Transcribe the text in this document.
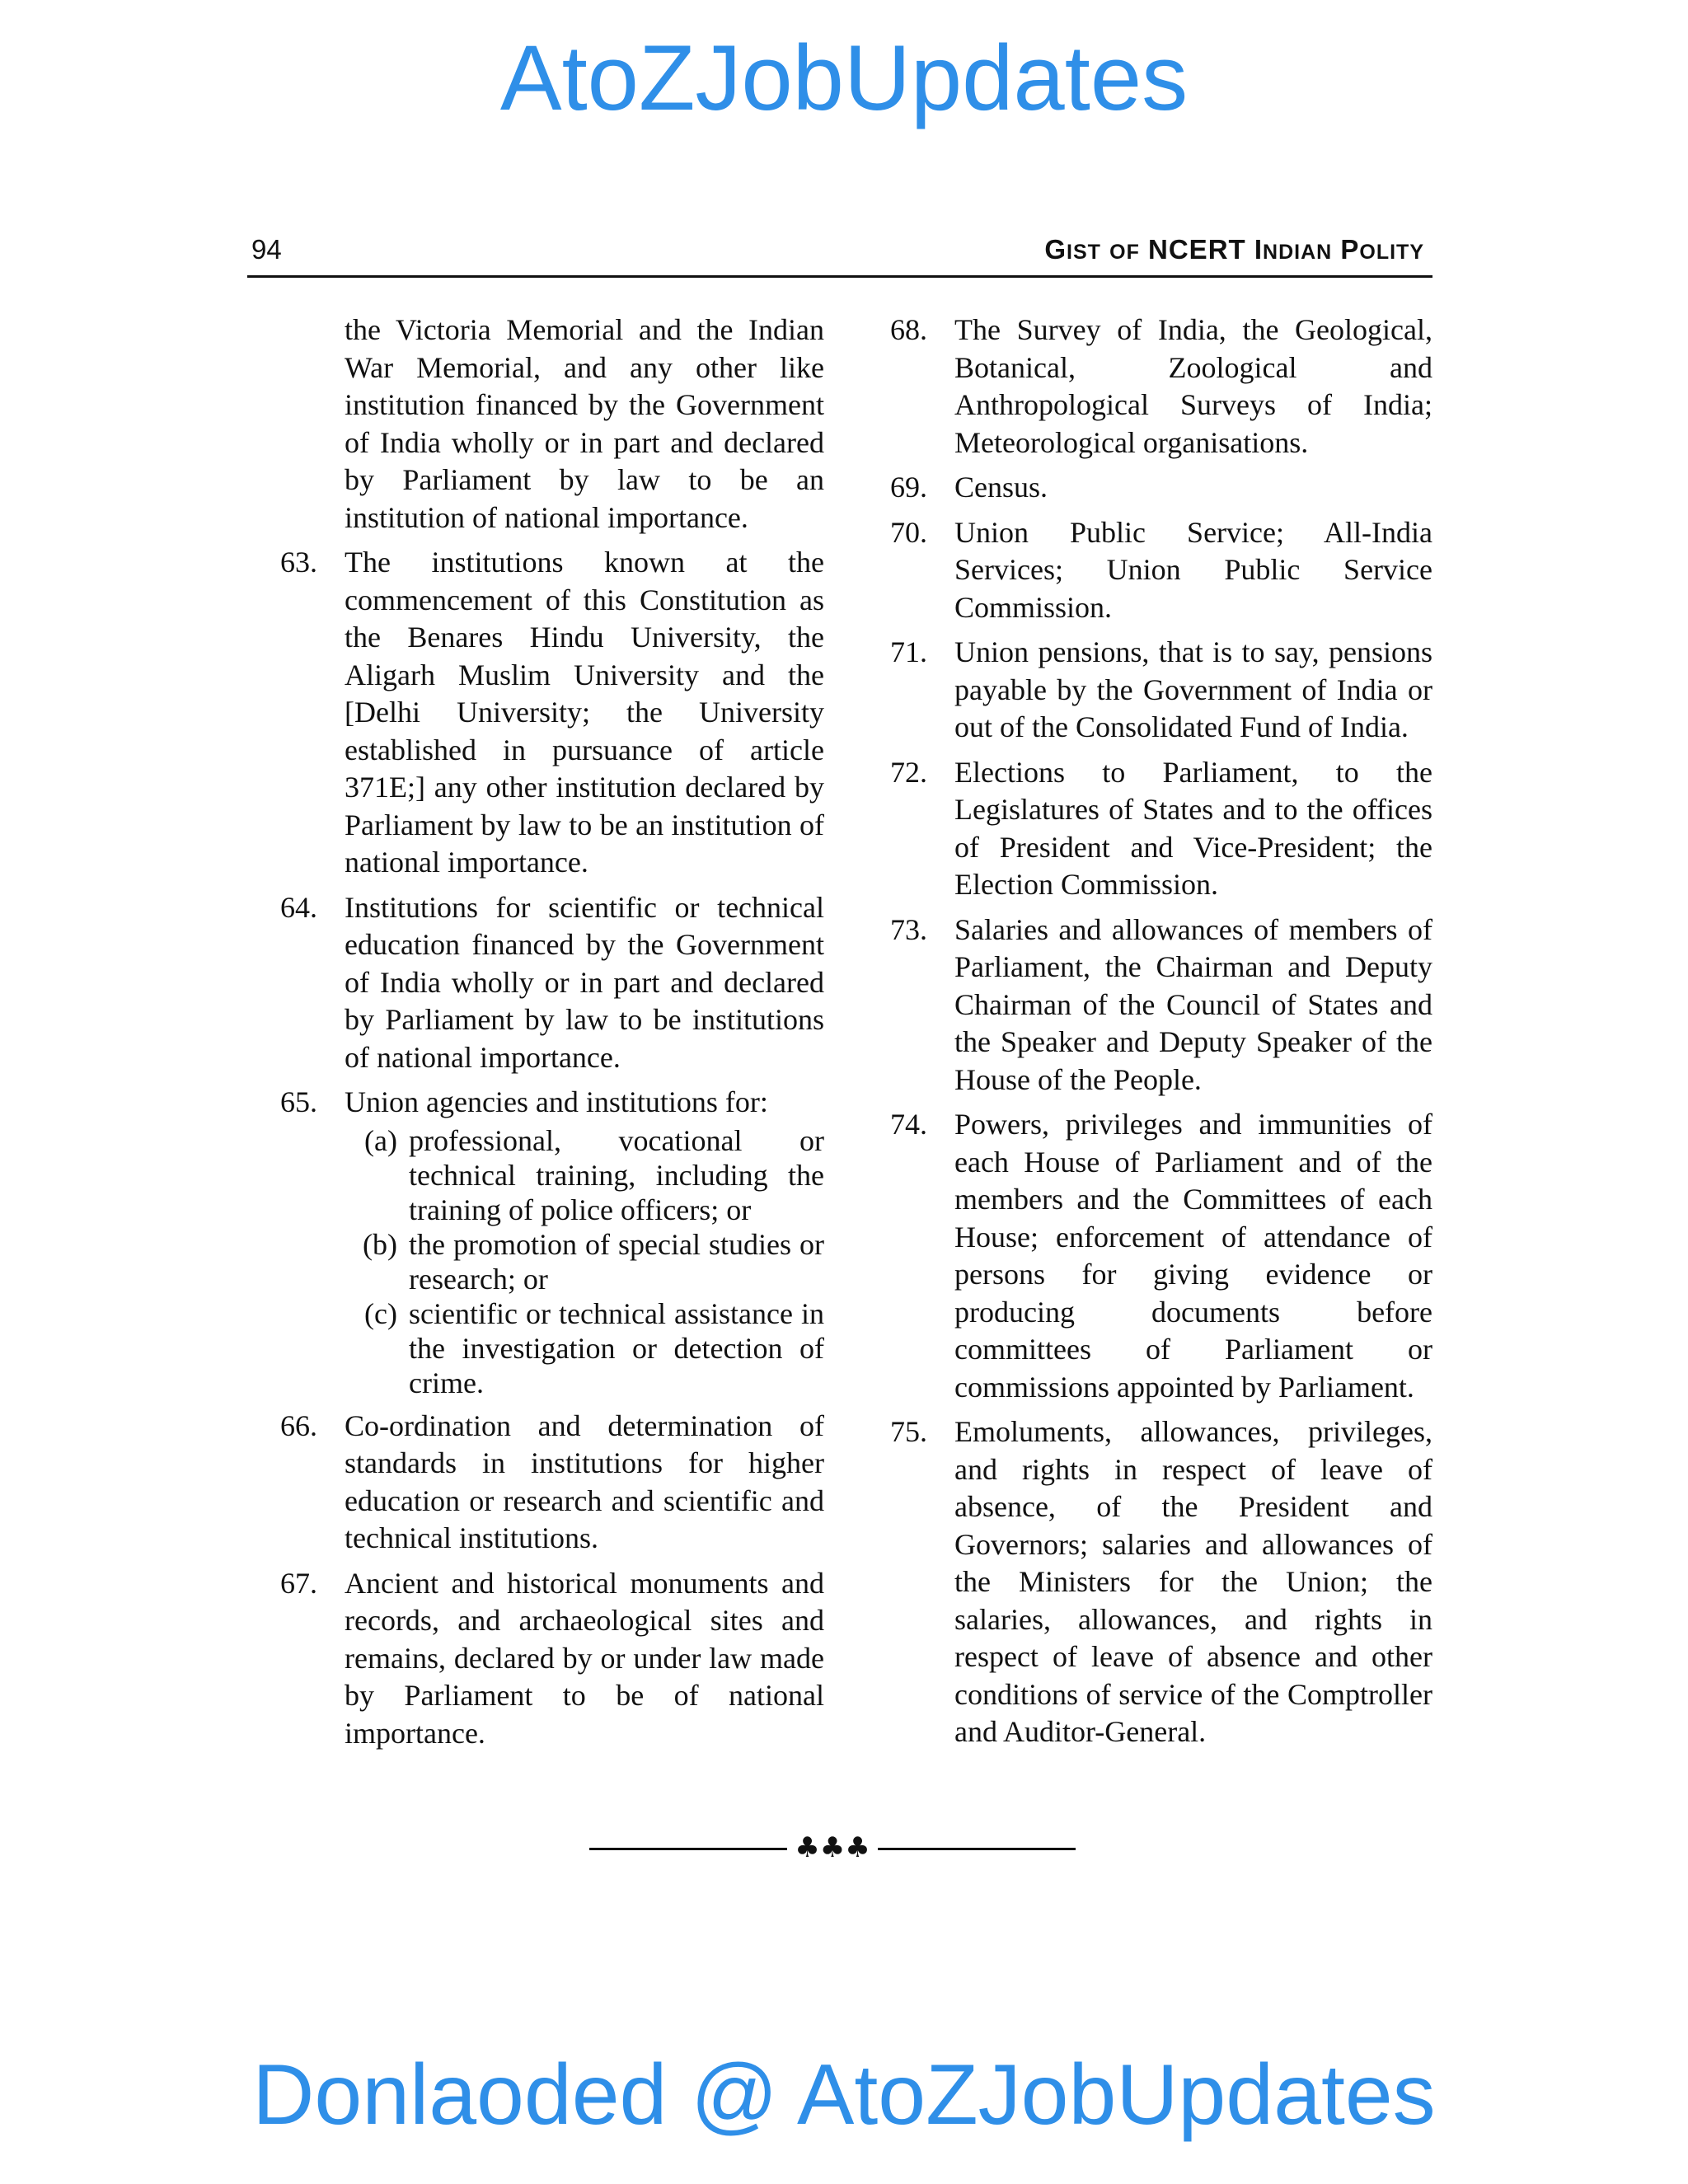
AtoZJobUpdates
94	GIST OF NCERT INDIAN POLITY
the Victoria Memorial and the Indian War Memorial, and any other like institution financed by the Government of India wholly or in part and declared by Parliament by law to be an institution of national importance.
63. The institutions known at the commencement of this Constitution as the Benares Hindu University, the Aligarh Muslim University and the [Delhi University; the University established in pursuance of article 371E;] any other institution declared by Parliament by law to be an institution of national importance.
64. Institutions for scientific or technical education financed by the Government of India wholly or in part and declared by Parliament by law to be institutions of national importance.
65. Union agencies and institutions for:
(a) professional, vocational or technical training, including the training of police officers; or
(b) the promotion of special studies or research; or
(c) scientific or technical assistance in the investigation or detection of crime.
66. Co-ordination and determination of standards in institutions for higher education or research and scientific and technical institutions.
67. Ancient and historical monuments and records, and archaeological sites and remains, declared by or under law made by Parliament to be of national importance.
68. The Survey of India, the Geological, Botanical, Zoological and Anthropological Surveys of India; Meteorological organisations.
69. Census.
70. Union Public Service; All-India Services; Union Public Service Commission.
71. Union pensions, that is to say, pensions payable by the Government of India or out of the Consolidated Fund of India.
72. Elections to Parliament, to the Legislatures of States and to the offices of President and Vice-President; the Election Commission.
73. Salaries and allowances of members of Parliament, the Chairman and Deputy Chairman of the Council of States and the Speaker and Deputy Speaker of the House of the People.
74. Powers, privileges and immunities of each House of Parliament and of the members and the Committees of each House; enforcement of attendance of persons for giving evidence or producing documents before committees of Parliament or commissions appointed by Parliament.
75. Emoluments, allowances, privileges, and rights in respect of leave of absence, of the President and Governors; salaries and allowances of the Ministers for the Union; the salaries, allowances, and rights in respect of leave of absence and other conditions of service of the Comptroller and Auditor-General.
♣♣♣
Donlaoded @ AtoZJobUpdates
